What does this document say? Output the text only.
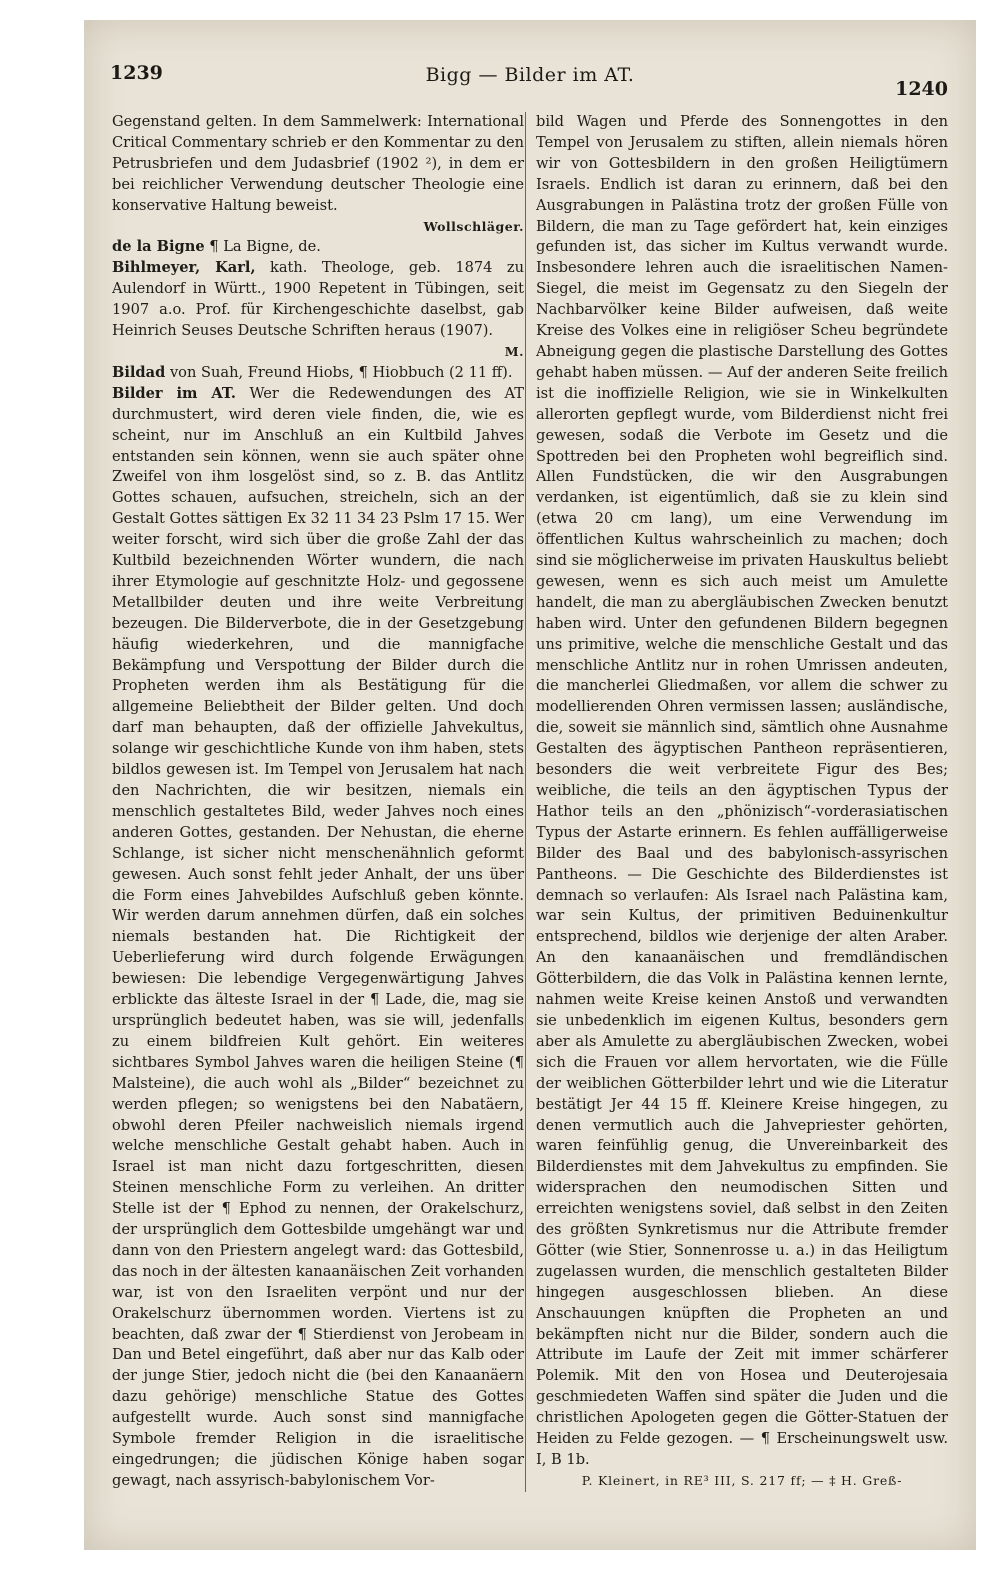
1239	Bigg — Bilder im AT.
1240

Gegenstand gelten. In dem Sammelwerk: International Critical Commentary schrieb er den Kommentar zu den Petrusbriefen und dem Judasbrief (1902 ²), in dem er bei reichlicher Verwendung deutscher Theologie eine konservative Haltung beweist.

Wollschläger.

de la Bigne ¶ La Bigne, de.

Bihlmeyer, Karl, kath. Theologe, geb. 1874 zu Aulendorf in Württ., 1900 Repetent in Tübingen, seit 1907 a.o. Prof. für Kirchengeschichte daselbst, gab Heinrich Seuses Deutsche Schriften heraus (1907).

M.

Bildad von Suah, Freund Hiobs, ¶ Hiobbuch (2 11 ff).

Bilder im AT. Wer die Redewendungen des AT durchmustert, wird deren viele finden, die, wie es scheint, nur im Anschluß an ein Kultbild Jahves entstanden sein können, wenn sie auch später ohne Zweifel von ihm losgelöst sind, so z. B. das Antlitz Gottes schauen, aufsuchen, streicheln, sich an der Gestalt Gottes sättigen Ex 32 11 34 23 Pslm 17 15. Wer weiter forscht, wird sich über die große Zahl der das Kultbild bezeichnenden Wörter wundern, die nach ihrer Etymologie auf geschnitzte Holz- und gegossene Metallbilder deuten und ihre weite Verbreitung bezeugen. Die Bilderverbote, die in der Gesetzgebung häufig wiederkehren, und die mannigfache Bekämpfung und Verspottung der Bilder durch die Propheten werden ihm als Bestätigung für die allgemeine Beliebtheit der Bilder gelten. Und doch darf man behaupten, daß der offizielle Jahvekultus, solange wir geschichtliche Kunde von ihm haben, stets bildlos gewesen ist. Im Tempel von Jerusalem hat nach den Nachrichten, die wir besitzen, niemals ein menschlich gestaltetes Bild, weder Jahves noch eines anderen Gottes, gestanden. Der Nehustan, die eherne Schlange, ist sicher nicht menschenähnlich geformt gewesen. Auch sonst fehlt jeder Anhalt, der uns über die Form eines Jahvebildes Aufschluß geben könnte. Wir werden darum annehmen dürfen, daß ein solches niemals bestanden hat. Die Richtigkeit der Ueberlieferung wird durch folgende Erwägungen bewiesen: Die lebendige Vergegenwärtigung Jahves erblickte das älteste Israel in der ¶ Lade, die, mag sie ursprünglich bedeutet haben, was sie will, jedenfalls zu einem bildfreien Kult gehört. Ein weiteres sichtbares Symbol Jahves waren die heiligen Steine (¶ Malsteine), die auch wohl als „Bilder“ bezeichnet zu werden pflegen; so wenigstens bei den Nabatäern, obwohl deren Pfeiler nachweislich niemals irgend welche menschliche Gestalt gehabt haben. Auch in Israel ist man nicht dazu fortgeschritten, diesen Steinen menschliche Form zu verleihen. An dritter Stelle ist der ¶ Ephod zu nennen, der Orakelschurz, der ursprünglich dem Gottesbilde umgehängt war und dann von den Priestern angelegt ward: das Gottesbild, das noch in der ältesten kanaanäischen Zeit vorhanden war, ist von den Israeliten verpönt und nur der Orakelschurz übernommen worden. Viertens ist zu beachten, daß zwar der ¶ Stierdienst von Jerobeam in Dan und Betel eingeführt, daß aber nur das Kalb oder der junge Stier, jedoch nicht die (bei den Kanaanäern dazu gehörige) menschliche Statue des Gottes aufgestellt wurde. Auch sonst sind mannigfache Symbole fremder Religion in die israelitische eingedrungen; die jüdischen Könige haben sogar gewagt, nach assyrisch-babylonischem Vor-

bild Wagen und Pferde des Sonnengottes in den Tempel von Jerusalem zu stiften, allein niemals hören wir von Gottesbildern in den großen Heiligtümern Israels. Endlich ist daran zu erinnern, daß bei den Ausgrabungen in Palästina trotz der großen Fülle von Bildern, die man zu Tage gefördert hat, kein einziges gefunden ist, das sicher im Kultus verwandt wurde. Insbesondere lehren auch die israelitischen Namen-Siegel, die meist im Gegensatz zu den Siegeln der Nachbarvölker keine Bilder aufweisen, daß weite Kreise des Volkes eine in religiöser Scheu begründete Abneigung gegen die plastische Darstellung des Gottes gehabt haben müssen. — Auf der anderen Seite freilich ist die inoffizielle Religion, wie sie in Winkelkulten allerorten gepflegt wurde, vom Bilderdienst nicht frei gewesen, sodaß die Verbote im Gesetz und die Spottreden bei den Propheten wohl begreiflich sind. Allen Fundstücken, die wir den Ausgrabungen verdanken, ist eigentümlich, daß sie zu klein sind (etwa 20 cm lang), um eine Verwendung im öffentlichen Kultus wahrscheinlich zu machen; doch sind sie möglicherweise im privaten Hauskultus beliebt gewesen, wenn es sich auch meist um Amulette handelt, die man zu abergläubischen Zwecken benutzt haben wird. Unter den gefundenen Bildern begegnen uns primitive, welche die menschliche Gestalt und das menschliche Antlitz nur in rohen Umrissen andeuten, die mancherlei Gliedmaßen, vor allem die schwer zu modellierenden Ohren vermissen lassen; ausländische, die, soweit sie männlich sind, sämtlich ohne Ausnahme Gestalten des ägyptischen Pantheon repräsentieren, besonders die weit verbreitete Figur des Bes; weibliche, die teils an den ägyptischen Typus der Hathor teils an den „phönizisch“-vorderasiatischen Typus der Astarte erinnern. Es fehlen auffälligerweise Bilder des Baal und des babylonisch-assyrischen Pantheons. — Die Geschichte des Bilderdienstes ist demnach so verlaufen: Als Israel nach Palästina kam, war sein Kultus, der primitiven Beduinenkultur entsprechend, bildlos wie derjenige der alten Araber. An den kanaanäischen und fremdländischen Götterbildern, die das Volk in Palästina kennen lernte, nahmen weite Kreise keinen Anstoß und verwandten sie unbedenklich im eigenen Kultus, besonders gern aber als Amulette zu abergläubischen Zwecken, wobei sich die Frauen vor allem hervortaten, wie die Fülle der weiblichen Götterbilder lehrt und wie die Literatur bestätigt Jer 44 15 ff. Kleinere Kreise hingegen, zu denen vermutlich auch die Jahvepriester gehörten, waren feinfühlig genug, die Unvereinbarkeit des Bilderdienstes mit dem Jahvekultus zu empfinden. Sie widersprachen den neumodischen Sitten und erreichten wenigstens soviel, daß selbst in den Zeiten des größten Synkretismus nur die Attribute fremder Götter (wie Stier, Sonnenrosse u. a.) in das Heiligtum zugelassen wurden, die menschlich gestalteten Bilder hingegen ausgeschlossen blieben. An diese Anschauungen knüpften die Propheten an und bekämpften nicht nur die Bilder, sondern auch die Attribute im Laufe der Zeit mit immer schärferer Polemik. Mit den von Hosea und Deuterojesaia geschmiedeten Waffen sind später die Juden und die christlichen Apologeten gegen die Götter-Statuen der Heiden zu Felde gezogen. — ¶ Erscheinungswelt usw. I, B 1b.

P. Kleinert, in RE³ III, S. 217 ff; — ‡ H. Greß-
